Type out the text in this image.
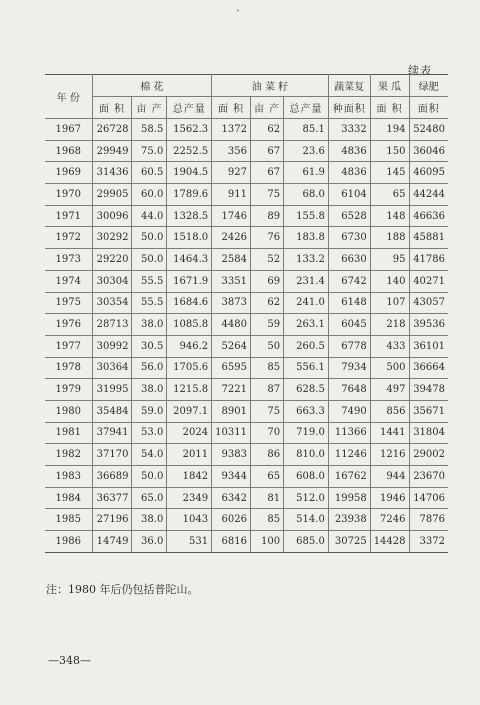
•
续表
年 份	棉 花			油 菜 籽			蔬菜复	果 瓜	绿肥
	面 积	亩 产	总产量	面 积	亩 产	总产量	种面积	面 积	面积
1967	26728	58.5	1562.3	1372	62	85.1	3332	194	52480
1968	29949	75.0	2252.5	356	67	23.6	4836	150	36046
1969	31436	60.5	1904.5	927	67	61.9	4836	145	46095
1970	29905	60.0	1789.6	911	75	68.0	6104	65	44244
1971	30096	44.0	1328.5	1746	89	155.8	6528	148	46636
1972	30292	50.0	1518.0	2426	76	183.8	6730	188	45881
1973	29220	50.0	1464.3	2584	52	133.2	6630	95	41786
1974	30304	55.5	1671.9	3351	69	231.4	6742	140	40271
1975	30354	55.5	1684.6	3873	62	241.0	6148	107	43057
1976	28713	38.0	1085.8	4480	59	263.1	6045	218	39536
1977	30992	30.5	946.2	5264	50	260.5	6778	433	36101
1978	30364	56.0	1705.6	6595	85	556.1	7934	500	36664
1979	31995	38.0	1215.8	7221	87	628.5	7648	497	39478
1980	35484	59.0	2097.1	8901	75	663.3	7490	856	35671
1981	37941	53.0	2024	10311	70	719.0	11366	1441	31804
1982	37170	54.0	2011	9383	86	810.0	11246	1216	29002
1983	36689	50.0	1842	9344	65	608.0	16762	944	23670
1984	36377	65.0	2349	6342	81	512.0	19958	1946	14706
1985	27196	38.0	1043	6026	85	514.0	23938	7246	7876
1986	14749	36.0	531	6816	100	685.0	30725	14428	3372
注：1980 年后仍包括普陀山。
—348—
